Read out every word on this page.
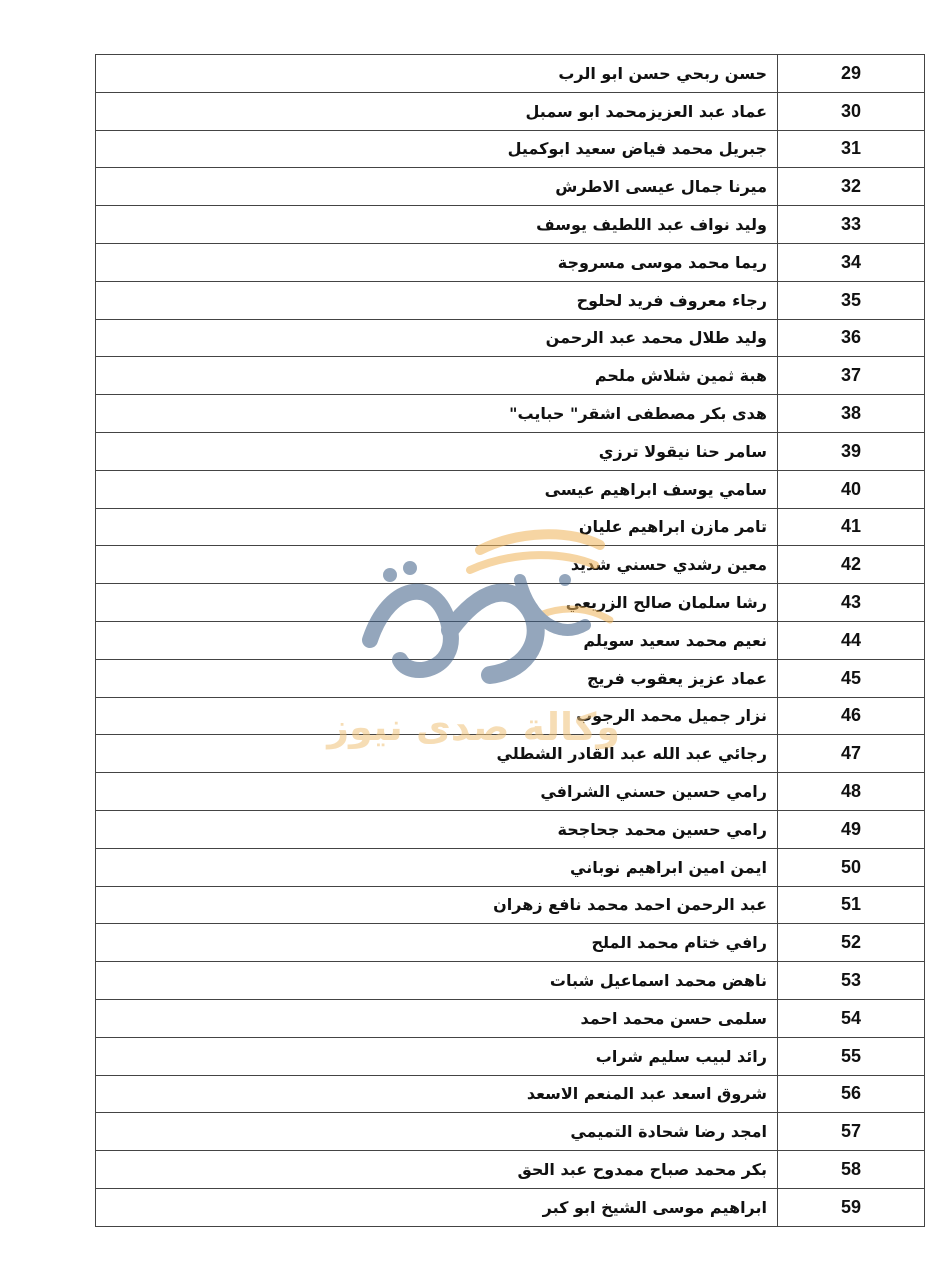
حسن ربحي حسن ابو الرب	29
عماد عبد العزيزمحمد ابو سمبل	30
جبريل محمد فياض سعيد ابوكميل	31
ميرنا جمال عيسى الاطرش	32
وليد نواف عبد اللطيف يوسف	33
ريما محمد موسى مسروجة	34
رجاء معروف فريد لحلوح	35
وليد طلال محمد عبد الرحمن	36
هبة ثمين شلاش ملحم	37
هدى بكر مصطفى اشقر" حبايب"	38
سامر حنا نيقولا ترزي	39
سامي يوسف ابراهيم عيسى	40
تامر مازن ابراهيم عليان	41
معين رشدي حسني شديد	42
رشا سلمان صالح الزريعي	43
نعيم محمد سعيد سويلم	44
عماد عزيز يعقوب فريج	45
نزار جميل محمد الرجوب	46
رجائي عبد الله عبد القادر الشطلي	47
رامي حسين حسني الشرافي	48
رامي حسين محمد جحاجحة	49
ايمن امين ابراهيم نوباني	50
عبد الرحمن احمد محمد نافع زهران	51
رافي ختام محمد الملح	52
ناهض محمد اسماعيل شبات	53
سلمى حسن محمد احمد	54
رائد لبيب سليم شراب	55
شروق اسعد عبد المنعم الاسعد	56
امجد رضا شحادة التميمي	57
بكر محمد صباح ممدوح عبد الحق	58
ابراهيم موسى الشيخ ابو كبر	59
وكالة صدى نيوز
